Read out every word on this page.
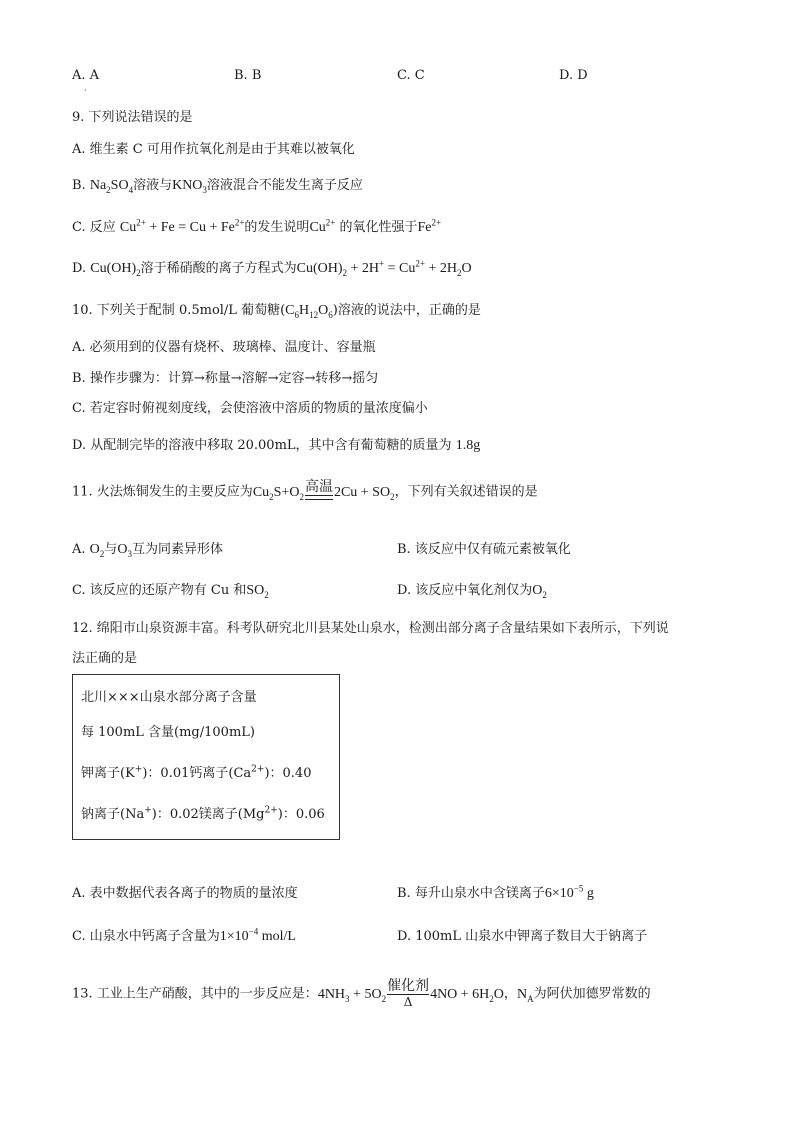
A. A
·
B. B	C. C	D. D
9. 下列说法错误的是
A. 维生素 C 可用作抗氧化剂是由于其难以被氧化
B. $Na_2SO_4$溶液与$KNO_3$溶液混合不能发生离子反应
C. 反应 $Cu^{2+} + Fe = Cu + Fe^{2+}$的发生说明$Cu^{2+}$ 的氧化性强于$Fe^{2+}$
D. $Cu(OH)_2$溶于稀硝酸的离子方程式为$Cu(OH)_2 + 2H^+ = Cu^{2+} + 2H_2O$
10. 下列关于配制 0.5mol/L 葡萄糖$(C_6H_{12}O_6)$溶液的说法中，正确的是
A. 必须用到的仪器有烧杯、玻璃棒、温度计、容量瓶
B. 操作步骤为：计算→称量→溶解→定容→转移→摇匀
C. 若定容时俯视刻度线，会使溶液中溶质的物质的量浓度偏小
D. 从配制完毕的溶液中移取 20.00mL，其中含有葡萄糖的质量为 1.8g
11. 火法炼铜发生的主要反应为$Cu_2S+O_2$
高温 $2Cu + SO_2$，下列有关叙述错误的是
A. $O_2$与$O_3$互为同素异形体	B. 该反应中仅有硫元素被氧化
C. 该反应的还原产物有 Cu 和$SO_2$	D. 该反应中氧化剂仅为$O_2$
12. 绵阳市山泉资源丰富。科考队研究北川县某处山泉水，检测出部分离子含量结果如下表所示，下列说
法正确的是
北川×××山泉水部分离子含量
每 100mL 含量(mg/100mL)
钾离子(K+)：0.01钙离子$(Ca^{2+})$：0.40
钠离子(Na+)：0.02镁离子$(Mg^{2+})$：0.06
A. 表中数据代表各离子的物质的量浓度	B. 每升山泉水中含镁离子$6\times 10^{-5}$ g
C. 山泉水中钙离子含量为$1\times 10^{-4}$ mol/L	D. 100mL 山泉水中钾离子数目大于钠离子
13. 工业上生产硝酸，其中的一步反应是：$4NH_3 + 5O_2$
催化剂
Δ
$4NO + 6H_2O$，$N_A$为阿伏加德罗常数的
